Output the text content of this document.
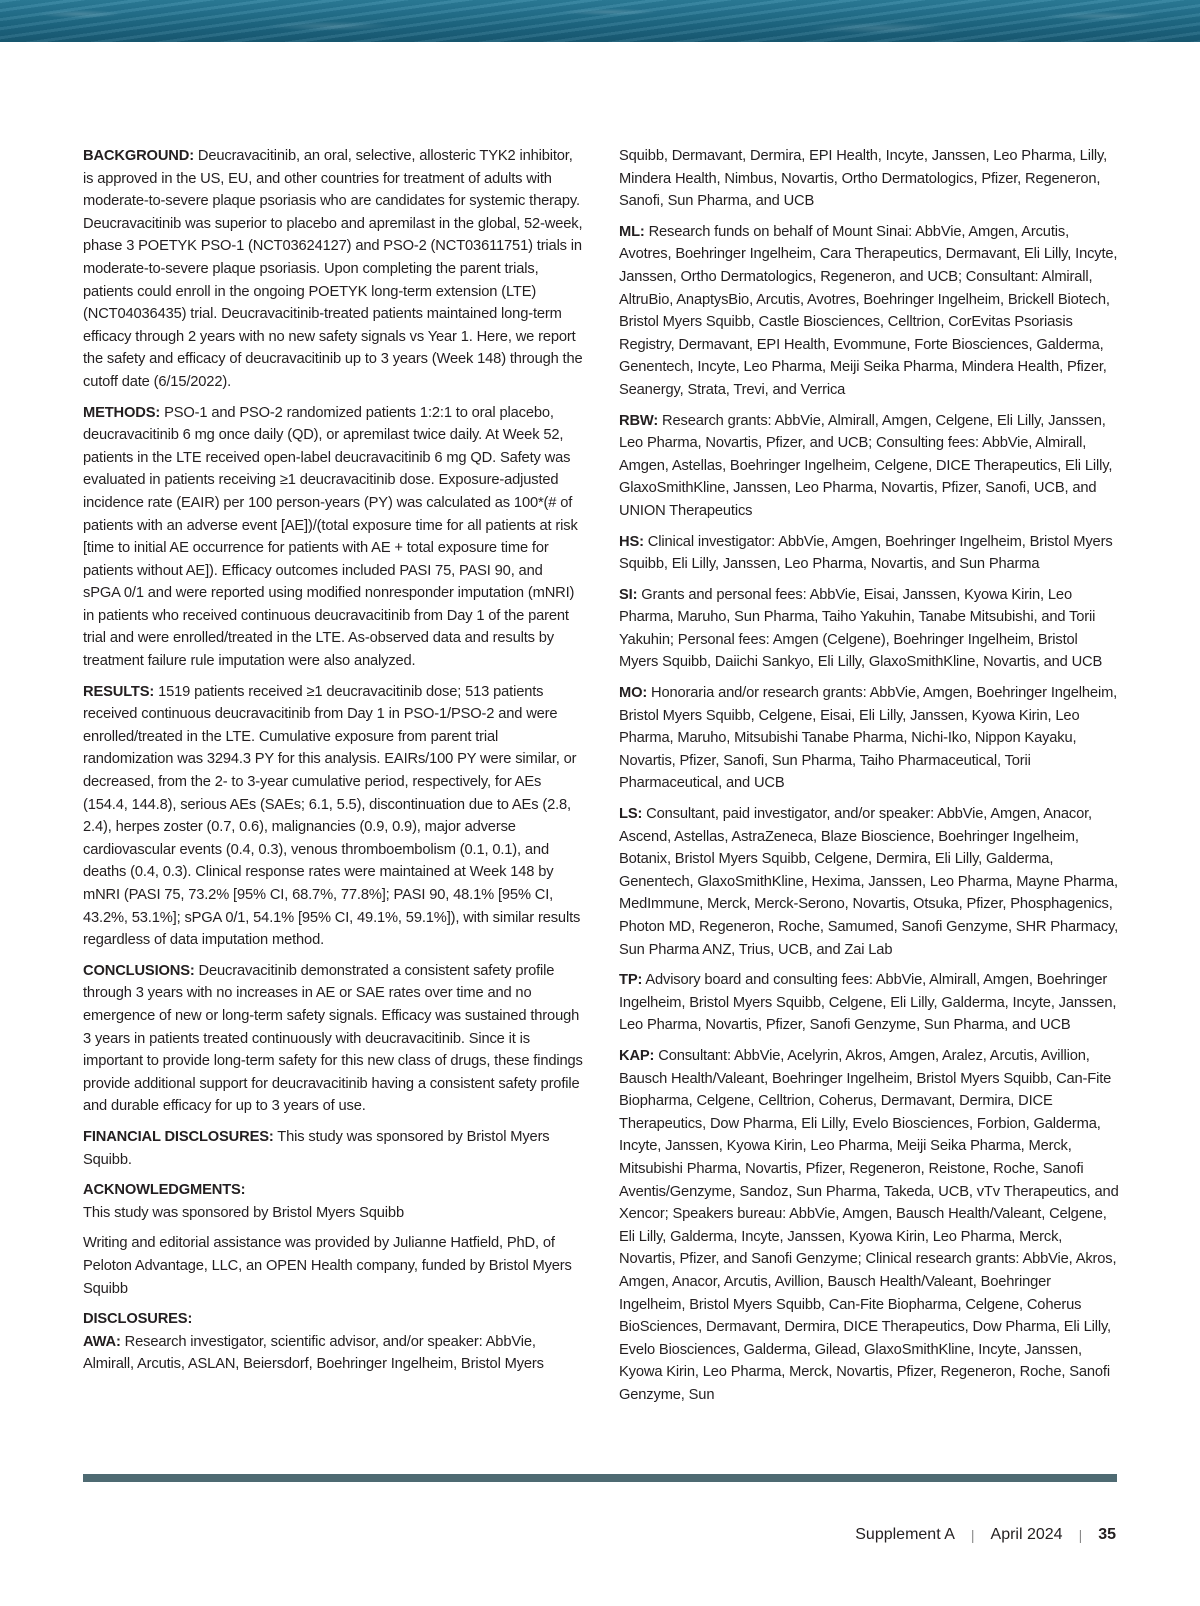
BACKGROUND: Deucravacitinib, an oral, selective, allosteric TYK2 inhibitor, is approved in the US, EU, and other countries for treatment of adults with moderate-to-severe plaque psoriasis who are candidates for systemic therapy. Deucravacitinib was superior to placebo and apremilast in the global, 52-week, phase 3 POETYK PSO-1 (NCT03624127) and PSO-2 (NCT03611751) trials in moderate-to-severe plaque psoriasis. Upon completing the parent trials, patients could enroll in the ongoing POETYK long-term extension (LTE) (NCT04036435) trial. Deucravacitinib-treated patients maintained long-term efficacy through 2 years with no new safety signals vs Year 1. Here, we report the safety and efficacy of deucravacitinib up to 3 years (Week 148) through the cutoff date (6/15/2022).

METHODS: PSO-1 and PSO-2 randomized patients 1:2:1 to oral placebo, deucravacitinib 6 mg once daily (QD), or apremilast twice daily. At Week 52, patients in the LTE received open-label deucravacitinib 6 mg QD. Safety was evaluated in patients receiving ≥1 deucravacitinib dose. Exposure-adjusted incidence rate (EAIR) per 100 person-years (PY) was calculated as 100*(# of patients with an adverse event [AE])/(total exposure time for all patients at risk [time to initial AE occurrence for patients with AE + total exposure time for patients without AE]). Efficacy outcomes included PASI 75, PASI 90, and sPGA 0/1 and were reported using modified nonresponder imputation (mNRI) in patients who received continuous deucravacitinib from Day 1 of the parent trial and were enrolled/treated in the LTE. As-observed data and results by treatment failure rule imputation were also analyzed.

RESULTS: 1519 patients received ≥1 deucravacitinib dose; 513 patients received continuous deucravacitinib from Day 1 in PSO-1/PSO-2 and were enrolled/treated in the LTE. Cumulative exposure from parent trial randomization was 3294.3 PY for this analysis. EAIRs/100 PY were similar, or decreased, from the 2- to 3-year cumulative period, respectively, for AEs (154.4, 144.8), serious AEs (SAEs; 6.1, 5.5), discontinuation due to AEs (2.8, 2.4), herpes zoster (0.7, 0.6), malignancies (0.9, 0.9), major adverse cardiovascular events (0.4, 0.3), venous thromboembolism (0.1, 0.1), and deaths (0.4, 0.3). Clinical response rates were maintained at Week 148 by mNRI (PASI 75, 73.2% [95% CI, 68.7%, 77.8%]; PASI 90, 48.1% [95% CI, 43.2%, 53.1%]; sPGA 0/1, 54.1% [95% CI, 49.1%, 59.1%]), with similar results regardless of data imputation method.

CONCLUSIONS: Deucravacitinib demonstrated a consistent safety profile through 3 years with no increases in AE or SAE rates over time and no emergence of new or long-term safety signals. Efficacy was sustained through 3 years in patients treated continuously with deucravacitinib. Since it is important to provide long-term safety for this new class of drugs, these findings provide additional support for deucravacitinib having a consistent safety profile and durable efficacy for up to 3 years of use.

FINANCIAL DISCLOSURES: This study was sponsored by Bristol Myers Squibb.

ACKNOWLEDGMENTS:

This study was sponsored by Bristol Myers Squibb

Writing and editorial assistance was provided by Julianne Hatfield, PhD, of Peloton Advantage, LLC, an OPEN Health company, funded by Bristol Myers Squibb

DISCLOSURES:

AWA: Research investigator, scientific advisor, and/or speaker: AbbVie, Almirall, Arcutis, ASLAN, Beiersdorf, Boehringer Ingelheim, Bristol Myers

Squibb, Dermavant, Dermira, EPI Health, Incyte, Janssen, Leo Pharma, Lilly, Mindera Health, Nimbus, Novartis, Ortho Dermatologics, Pfizer, Regeneron, Sanofi, Sun Pharma, and UCB

ML: Research funds on behalf of Mount Sinai: AbbVie, Amgen, Arcutis, Avotres, Boehringer Ingelheim, Cara Therapeutics, Dermavant, Eli Lilly, Incyte, Janssen, Ortho Dermatologics, Regeneron, and UCB; Consultant: Almirall, AltruBio, AnaptysBio, Arcutis, Avotres, Boehringer Ingelheim, Brickell Biotech, Bristol Myers Squibb, Castle Biosciences, Celltrion, CorEvitas Psoriasis Registry, Dermavant, EPI Health, Evommune, Forte Biosciences, Galderma, Genentech, Incyte, Leo Pharma, Meiji Seika Pharma, Mindera Health, Pfizer, Seanergy, Strata, Trevi, and Verrica

RBW: Research grants: AbbVie, Almirall, Amgen, Celgene, Eli Lilly, Janssen, Leo Pharma, Novartis, Pfizer, and UCB; Consulting fees: AbbVie, Almirall, Amgen, Astellas, Boehringer Ingelheim, Celgene, DICE Therapeutics, Eli Lilly, GlaxoSmithKline, Janssen, Leo Pharma, Novartis, Pfizer, Sanofi, UCB, and UNION Therapeutics

HS: Clinical investigator: AbbVie, Amgen, Boehringer Ingelheim, Bristol Myers Squibb, Eli Lilly, Janssen, Leo Pharma, Novartis, and Sun Pharma

SI: Grants and personal fees: AbbVie, Eisai, Janssen, Kyowa Kirin, Leo Pharma, Maruho, Sun Pharma, Taiho Yakuhin, Tanabe Mitsubishi, and Torii Yakuhin; Personal fees: Amgen (Celgene), Boehringer Ingelheim, Bristol Myers Squibb, Daiichi Sankyo, Eli Lilly, GlaxoSmithKline, Novartis, and UCB

MO: Honoraria and/or research grants: AbbVie, Amgen, Boehringer Ingelheim, Bristol Myers Squibb, Celgene, Eisai, Eli Lilly, Janssen, Kyowa Kirin, Leo Pharma, Maruho, Mitsubishi Tanabe Pharma, Nichi-Iko, Nippon Kayaku, Novartis, Pfizer, Sanofi, Sun Pharma, Taiho Pharmaceutical, Torii Pharmaceutical, and UCB

LS: Consultant, paid investigator, and/or speaker: AbbVie, Amgen, Anacor, Ascend, Astellas, AstraZeneca, Blaze Bioscience, Boehringer Ingelheim, Botanix, Bristol Myers Squibb, Celgene, Dermira, Eli Lilly, Galderma, Genentech, GlaxoSmithKline, Hexima, Janssen, Leo Pharma, Mayne Pharma, MedImmune, Merck, Merck-Serono, Novartis, Otsuka, Pfizer, Phosphagenics, Photon MD, Regeneron, Roche, Samumed, Sanofi Genzyme, SHR Pharmacy, Sun Pharma ANZ, Trius, UCB, and Zai Lab

TP: Advisory board and consulting fees: AbbVie, Almirall, Amgen, Boehringer Ingelheim, Bristol Myers Squibb, Celgene, Eli Lilly, Galderma, Incyte, Janssen, Leo Pharma, Novartis, Pfizer, Sanofi Genzyme, Sun Pharma, and UCB

KAP: Consultant: AbbVie, Acelyrin, Akros, Amgen, Aralez, Arcutis, Avillion, Bausch Health/Valeant, Boehringer Ingelheim, Bristol Myers Squibb, Can-Fite Biopharma, Celgene, Celltrion, Coherus, Dermavant, Dermira, DICE Therapeutics, Dow Pharma, Eli Lilly, Evelo Biosciences, Forbion, Galderma, Incyte, Janssen, Kyowa Kirin, Leo Pharma, Meiji Seika Pharma, Merck, Mitsubishi Pharma, Novartis, Pfizer, Regeneron, Reistone, Roche, Sanofi Aventis/Genzyme, Sandoz, Sun Pharma, Takeda, UCB, vTv Therapeutics, and Xencor; Speakers bureau: AbbVie, Amgen, Bausch Health/Valeant, Celgene, Eli Lilly, Galderma, Incyte, Janssen, Kyowa Kirin, Leo Pharma, Merck, Novartis, Pfizer, and Sanofi Genzyme; Clinical research grants: AbbVie, Akros, Amgen, Anacor, Arcutis, Avillion, Bausch Health/Valeant, Boehringer Ingelheim, Bristol Myers Squibb, Can-Fite Biopharma, Celgene, Coherus BioSciences, Dermavant, Dermira, DICE Therapeutics, Dow Pharma, Eli Lilly, Evelo Biosciences, Galderma, Gilead, GlaxoSmithKline, Incyte, Janssen, Kyowa Kirin, Leo Pharma, Merck, Novartis, Pfizer, Regeneron, Roche, Sanofi Genzyme, Sun

Supplement A	|	April 2024	|	35
